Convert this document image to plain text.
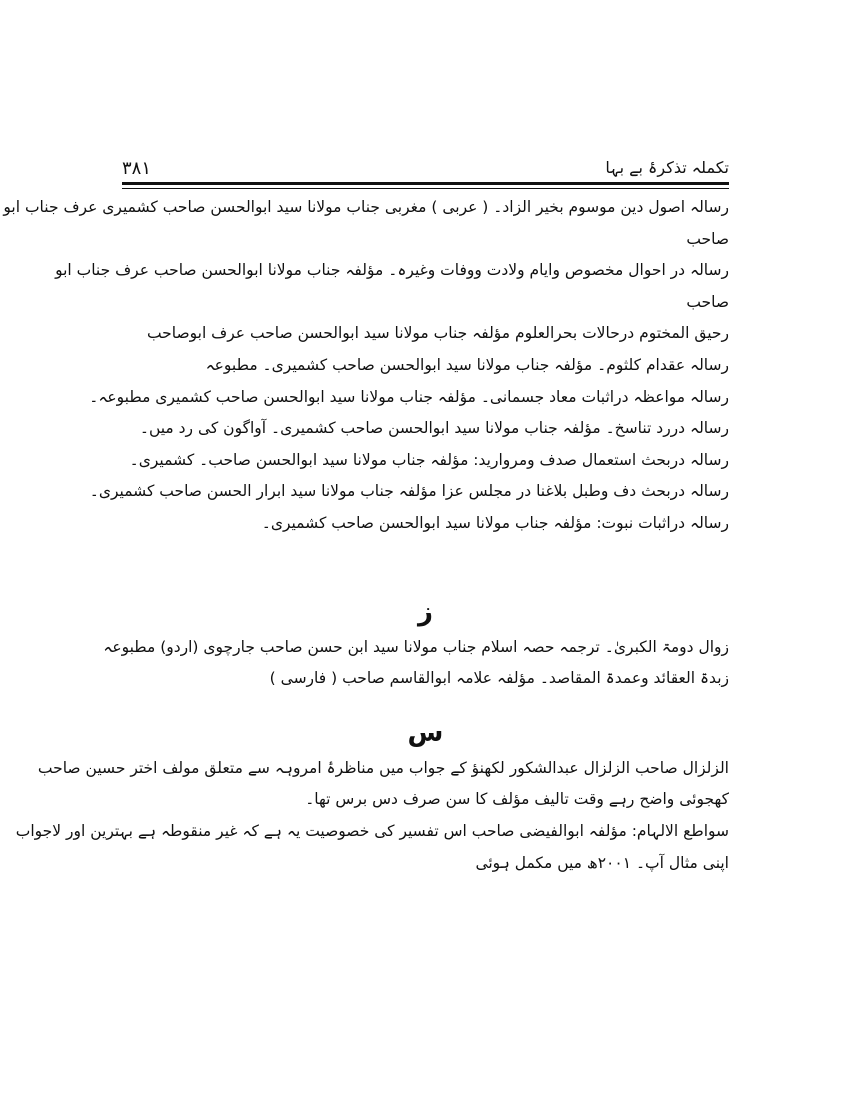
۳۸۱	تکملہ تذکرۂ بے بہا
رسالہ اصول دین موسوم بخیر الزاد۔ ( عربی ) مغربی جناب مولانا سید ابوالحسن صاحب کشمیری عرف جناب ابو
صاحب
رسالہ در احوال مخصوص وایام ولادت ووفات وغیرہ۔ مؤلفہ جناب مولانا ابوالحسن صاحب عرف جناب ابو
صاحب
رحیق المختوم درحالات بحرالعلوم مؤلفہ جناب مولانا سید ابوالحسن صاحب عرف ابوصاحب
رسالہ عقدام کلثوم۔ مؤلفہ جناب مولانا سید ابوالحسن صاحب کشمیری۔ مطبوعہ
رسالہ مواعظہ دراثبات معاد جسمانی۔ مؤلفہ جناب مولانا سید ابوالحسن صاحب کشمیری مطبوعہ۔
رسالہ دررد تناسخ۔ مؤلفہ جناب مولانا سید ابوالحسن صاحب کشمیری۔ آواگون کی رد میں۔
رسالہ دربحث استعمال صدف ومروارید: مؤلفہ جناب مولانا سید ابوالحسن صاحب۔ کشمیری۔
رسالہ دربحث دف وطبل بلاغنا در مجلس عزا مؤلفہ جناب مولانا سید ابرار الحسن صاحب کشمیری۔
رسالہ دراثبات نبوت: مؤلفہ جناب مولانا سید ابوالحسن صاحب کشمیری۔
ز
زوال دومۃ الکبریٰ۔ ترجمہ حصہ اسلام جناب مولانا سید ابن حسن صاحب جارچوی (اردو) مطبوعہ
زبدۃ العقائد وعمدۃ المقاصد۔ مؤلفہ علامہ ابوالقاسم صاحب ( فارسی )
س
الزلزال صاحب الزلزال عبدالشکور لکھنؤ کے جواب میں مناظرۂ امروہہ سے متعلق مولف اختر حسین صاحب
کھجوئی واضح رہے وقت تالیف مؤلف کا سن صرف دس برس تھا۔
سواطع الالہام: مؤلفہ ابوالفیضی صاحب اس تفسیر کی خصوصیت یہ ہے کہ غیر منقوطہ ہے بہترین اور لاجواب
اپنی مثال آپ۔ ۲۰۰۱ھ میں مکمل ہوئی
